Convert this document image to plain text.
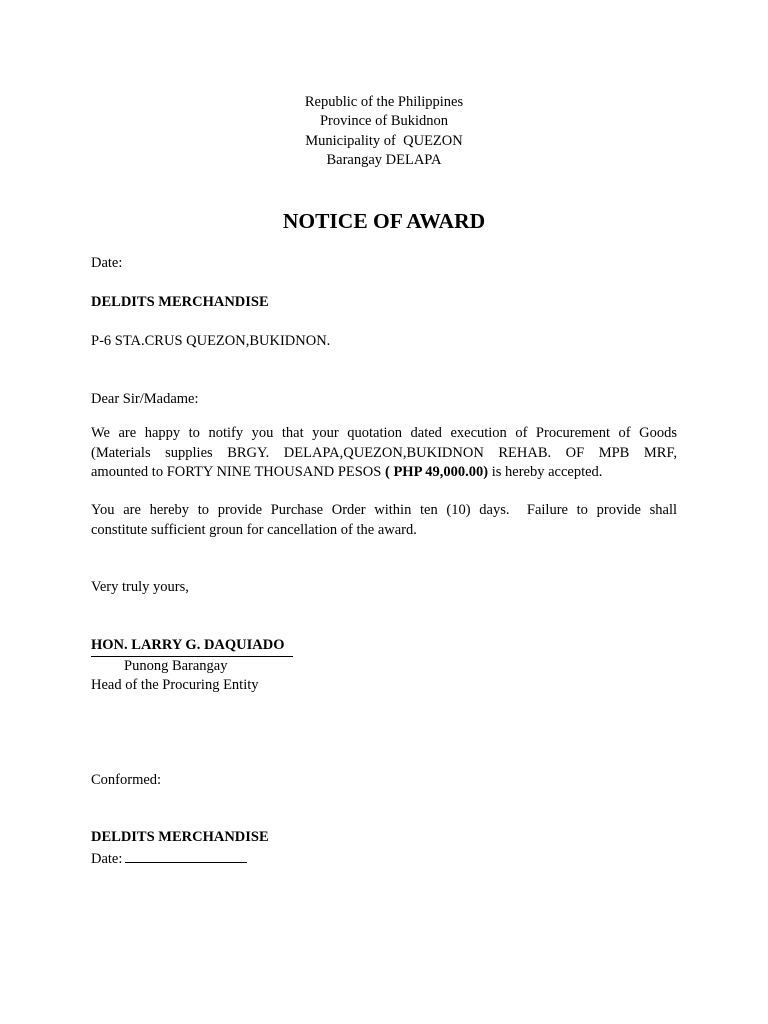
Republic of the Philippines
Province of Bukidnon
Municipality of  QUEZON
Barangay DELAPA
NOTICE OF AWARD
Date:
DELDITS MERCHANDISE
P-6 STA.CRUS QUEZON,BUKIDNON.
Dear Sir/Madame:
We are happy to notify you that your quotation dated execution of Procurement of Goods
(Materials supplies BRGY. DELAPA,QUEZON,BUKIDNON REHAB. OF MPB MRF,
amounted to FORTY NINE THOUSAND PESOS ( PHP 49,000.00) is hereby accepted.
You are hereby to provide Purchase Order within ten (10) days.  Failure to provide shall
constitute sufficient groun for cancellation of the award.
Very truly yours,
HON. LARRY G. DAQUIADO
Punong Barangay
Head of the Procuring Entity
Conformed:
DELDITS MERCHANDISE
Date:
